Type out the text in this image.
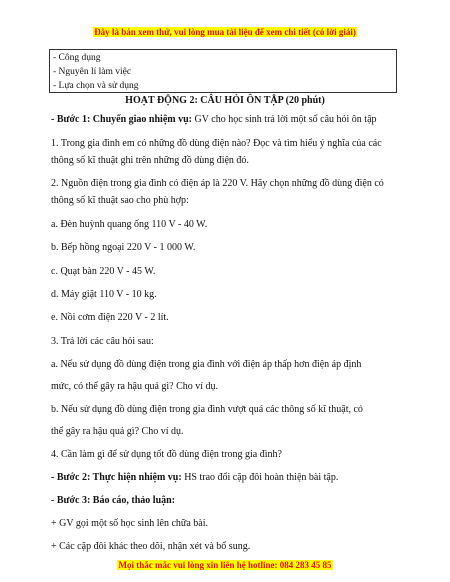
Đây là bản xem thử, vui lòng mua tài liệu để xem chi tiết (có lời giải)
- Công dụng
- Nguyên lí làm việc
- Lựa chọn và sử dụng
HOẠT ĐỘNG 2: CÂU HỎI ÔN TẬP (20 phút)
- Bước 1: Chuyển giao nhiệm vụ: GV cho học sinh trả lời một số câu hỏi ôn tập
1. Trong gia đình em có những đồ dùng điện nào? Đọc và tìm hiểu ý nghĩa của các
thông số kĩ thuật ghi trên những đồ dùng điện đó.
2. Nguồn điện trong gia đình có điện áp là 220 V. Hãy chọn những đồ dùng điện có
thông số kĩ thuật sao cho phù hợp:
a. Đèn huỳnh quang ống 110 V - 40 W.
b. Bếp hồng ngoại 220 V - 1 000 W.
c. Quạt bàn 220 V - 45 W.
d. Máy giặt 110 V - 10 kg.
e. Nồi cơm điện 220 V - 2 lít.
3. Trả lời các câu hỏi sau:
a. Nếu sử dụng đồ dùng điện trong gia đình với điện áp thấp hơn điện áp định
mức, có thể gây ra hậu quả gì? Cho ví dụ.
b. Nếu sử dụng đồ dùng điện trong gia đình vượt quá các thông số kĩ thuật, có
thể gây ra hậu quả gì? Cho ví dụ.
4. Cần làm gì để sử dụng tốt đồ dùng điện trong gia đình?
- Bước 2: Thực hiện nhiệm vụ: HS trao đổi cặp đôi hoàn thiện bài tập.
- Bước 3: Báo cáo, thảo luận:
+ GV gọi một số học sinh lên chữa bài.
+ Các cặp đôi khác theo dõi, nhận xét và bổ sung.
Mọi thắc mắc vui lòng xin liên hệ hotline: 084 283 45 85
